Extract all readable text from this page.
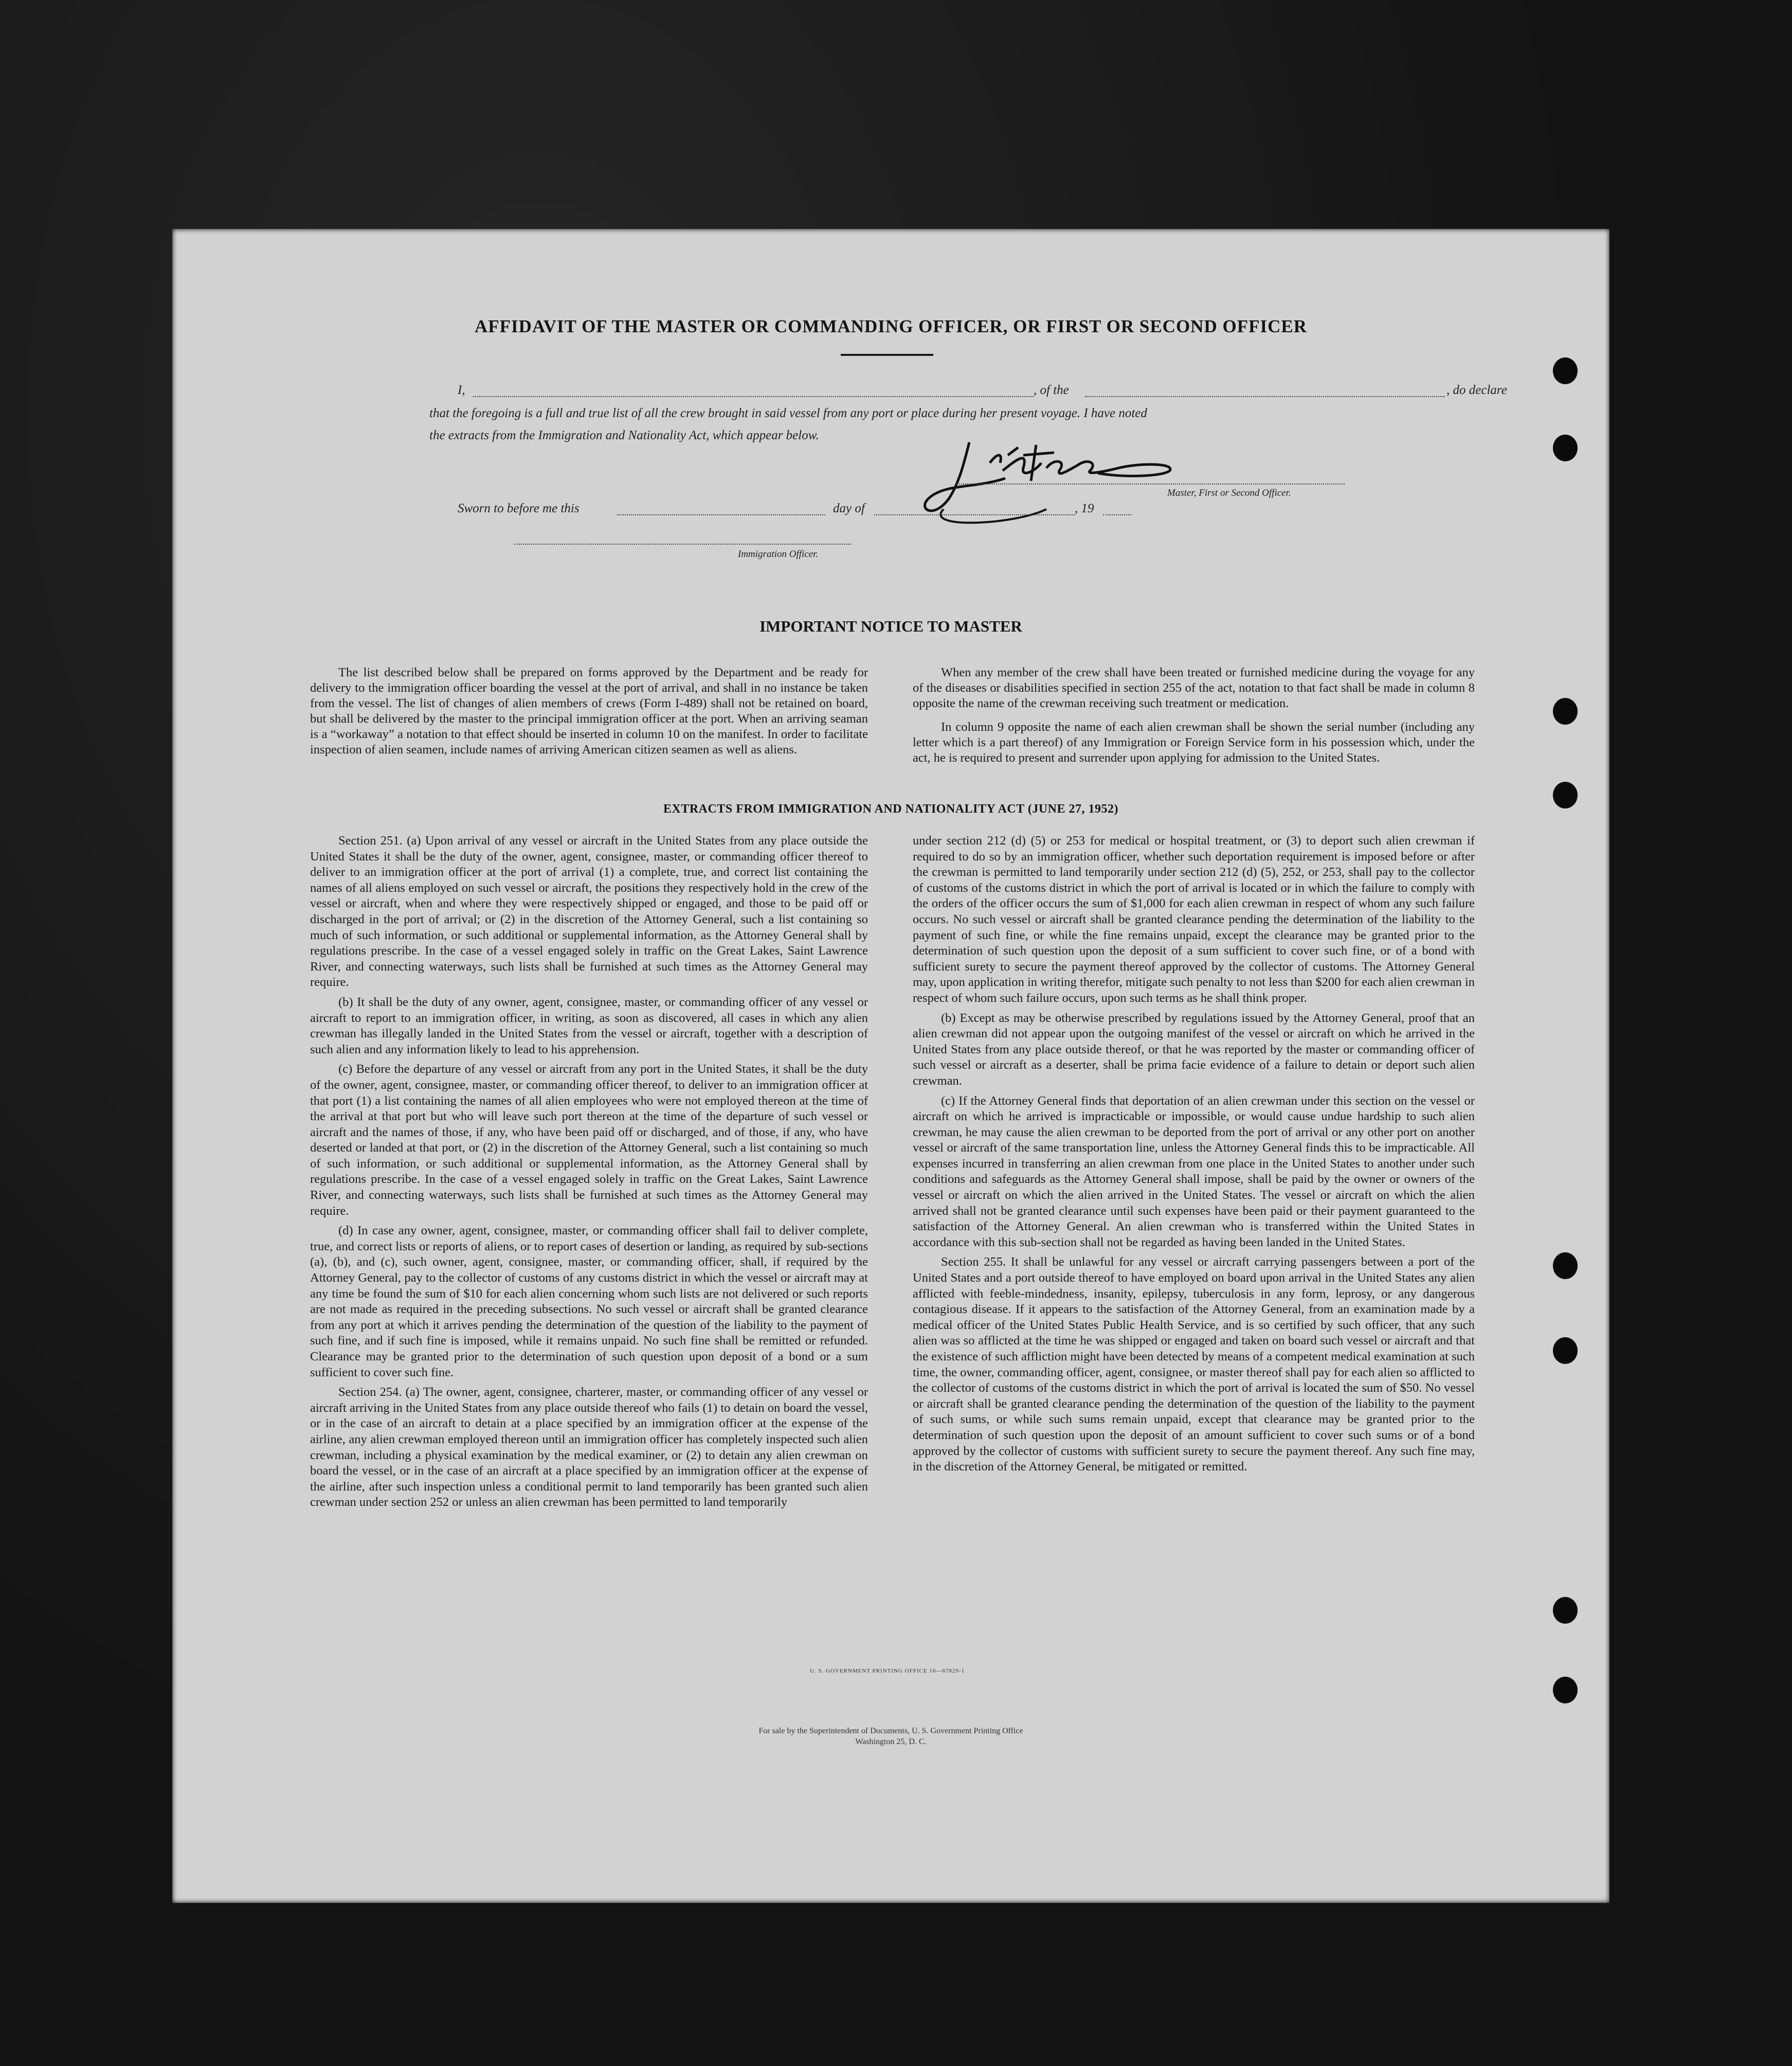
AFFIDAVIT OF THE MASTER OR COMMANDING OFFICER, OR FIRST OR SECOND OFFICER
I,	, of the	, do declare
that the foregoing is a full and true list of all the crew brought in said vessel from any port or place during her present voyage. I have noted
the extracts from the Immigration and Nationality Act, which appear below.
Master, First or Second Officer.
Sworn to before me this	day of	, 19
Immigration Officer.
IMPORTANT NOTICE TO MASTER

The list described below shall be prepared on forms approved by the Department and be ready for delivery to the immigration officer boarding the vessel at the port of arrival, and shall in no instance be taken from the vessel. The list of changes of alien members of crews (Form I-489) shall not be retained on board, but shall be delivered by the master to the principal immigration officer at the port. When an arriving seaman is a “workaway” a notation to that effect should be inserted in column 10 on the manifest. In order to facilitate inspection of alien seamen, include names of arriving American citizen seamen as well as aliens.

When any member of the crew shall have been treated or furnished medicine during the voyage for any of the diseases or disabilities specified in section 255 of the act, notation to that fact shall be made in column 8 opposite the name of the crewman receiving such treatment or medication.

In column 9 opposite the name of each alien crewman shall be shown the serial number (including any letter which is a part thereof) of any Immigration or Foreign Service form in his possession which, under the act, he is required to present and surrender upon applying for admission to the United States.

EXTRACTS FROM IMMIGRATION AND NATIONALITY ACT (JUNE 27, 1952)

Section 251. (a) Upon arrival of any vessel or aircraft in the United States from any place outside the United States it shall be the duty of the owner, agent, consignee, master, or commanding officer thereof to deliver to an immigration officer at the port of arrival (1) a complete, true, and correct list containing the names of all aliens employed on such vessel or aircraft, the positions they respectively hold in the crew of the vessel or aircraft, when and where they were respectively shipped or engaged, and those to be paid off or discharged in the port of arrival; or (2) in the discretion of the Attorney General, such a list containing so much of such information, or such additional or supplemental information, as the Attorney General shall by regulations prescribe. In the case of a vessel engaged solely in traffic on the Great Lakes, Saint Lawrence River, and connecting waterways, such lists shall be furnished at such times as the Attorney General may require.

(b) It shall be the duty of any owner, agent, consignee, master, or commanding officer of any vessel or aircraft to report to an immigration officer, in writing, as soon as discovered, all cases in which any alien crewman has illegally landed in the United States from the vessel or aircraft, together with a description of such alien and any information likely to lead to his apprehension.

(c) Before the departure of any vessel or aircraft from any port in the United States, it shall be the duty of the owner, agent, consignee, master, or commanding officer thereof, to deliver to an immigration officer at that port (1) a list containing the names of all alien employees who were not employed thereon at the time of the arrival at that port but who will leave such port thereon at the time of the departure of such vessel or aircraft and the names of those, if any, who have been paid off or discharged, and of those, if any, who have deserted or landed at that port, or (2) in the discretion of the Attorney General, such a list containing so much of such information, or such additional or supplemental information, as the Attorney General shall by regulations prescribe. In the case of a vessel engaged solely in traffic on the Great Lakes, Saint Lawrence River, and connecting waterways, such lists shall be furnished at such times as the Attorney General may require.

(d) In case any owner, agent, consignee, master, or commanding officer shall fail to deliver complete, true, and correct lists or reports of aliens, or to report cases of desertion or landing, as required by sub-sections (a), (b), and (c), such owner, agent, consignee, master, or commanding officer, shall, if required by the Attorney General, pay to the collector of customs of any customs district in which the vessel or aircraft may at any time be found the sum of $10 for each alien concerning whom such lists are not delivered or such reports are not made as required in the preceding subsections. No such vessel or aircraft shall be granted clearance from any port at which it arrives pending the determination of the question of the liability to the payment of such fine, and if such fine is imposed, while it remains unpaid. No such fine shall be remitted or refunded. Clearance may be granted prior to the determination of such question upon deposit of a bond or a sum sufficient to cover such fine.

Section 254. (a) The owner, agent, consignee, charterer, master, or commanding officer of any vessel or aircraft arriving in the United States from any place outside thereof who fails (1) to detain on board the vessel, or in the case of an aircraft to detain at a place specified by an immigration officer at the expense of the airline, any alien crewman employed thereon until an immigration officer has completely inspected such alien crewman, including a physical examination by the medical examiner, or (2) to detain any alien crewman on board the vessel, or in the case of an aircraft at a place specified by an immigration officer at the expense of the airline, after such inspection unless a conditional permit to land temporarily has been granted such alien crewman under section 252 or unless an alien crewman has been permitted to land temporarily

under section 212 (d) (5) or 253 for medical or hospital treatment, or (3) to deport such alien crewman if required to do so by an immigration officer, whether such deportation requirement is imposed before or after the crewman is permitted to land temporarily under section 212 (d) (5), 252, or 253, shall pay to the collector of customs of the customs district in which the port of arrival is located or in which the failure to comply with the orders of the officer occurs the sum of $1,000 for each alien crewman in respect of whom any such failure occurs. No such vessel or aircraft shall be granted clearance pending the determination of the liability to the payment of such fine, or while the fine remains unpaid, except the clearance may be granted prior to the determination of such question upon the deposit of a sum sufficient to cover such fine, or of a bond with sufficient surety to secure the payment thereof approved by the collector of customs. The Attorney General may, upon application in writing therefor, mitigate such penalty to not less than $200 for each alien crewman in respect of whom such failure occurs, upon such terms as he shall think proper.

(b) Except as may be otherwise prescribed by regulations issued by the Attorney General, proof that an alien crewman did not appear upon the outgoing manifest of the vessel or aircraft on which he arrived in the United States from any place outside thereof, or that he was reported by the master or commanding officer of such vessel or aircraft as a deserter, shall be prima facie evidence of a failure to detain or deport such alien crewman.

(c) If the Attorney General finds that deportation of an alien crewman under this section on the vessel or aircraft on which he arrived is impracticable or impossible, or would cause undue hardship to such alien crewman, he may cause the alien crewman to be deported from the port of arrival or any other port on another vessel or aircraft of the same transportation line, unless the Attorney General finds this to be impracticable. All expenses incurred in transferring an alien crewman from one place in the United States to another under such conditions and safeguards as the Attorney General shall impose, shall be paid by the owner or owners of the vessel or aircraft on which the alien arrived in the United States. The vessel or aircraft on which the alien arrived shall not be granted clearance until such expenses have been paid or their payment guaranteed to the satisfaction of the Attorney General. An alien crewman who is transferred within the United States in accordance with this sub-section shall not be regarded as having been landed in the United States.

Section 255. It shall be unlawful for any vessel or aircraft carrying passengers between a port of the United States and a port outside thereof to have employed on board upon arrival in the United States any alien afflicted with feeble-mindedness, insanity, epilepsy, tuberculosis in any form, leprosy, or any dangerous contagious disease. If it appears to the satisfaction of the Attorney General, from an examination made by a medical officer of the United States Public Health Service, and is so certified by such officer, that any such alien was so afflicted at the time he was shipped or engaged and taken on board such vessel or aircraft and that the existence of such affliction might have been detected by means of a competent medical examination at such time, the owner, commanding officer, agent, consignee, or master thereof shall pay for each alien so afflicted to the collector of customs of the customs district in which the port of arrival is located the sum of $50. No vessel or aircraft shall be granted clearance pending the determination of the question of the liability to the payment of such sums, or while such sums remain unpaid, except that clearance may be granted prior to the determination of such question upon the deposit of an amount sufficient to cover such sums or of a bond approved by the collector of customs with sufficient surety to secure the payment thereof. Any such fine may, in the discretion of the Attorney General, be mitigated or remitted.

U. S. GOVERNMENT PRINTING OFFICE 16—67829-1
For sale by the Superintendent of Documents, U. S. Government Printing Office
Washington 25, D. C.
